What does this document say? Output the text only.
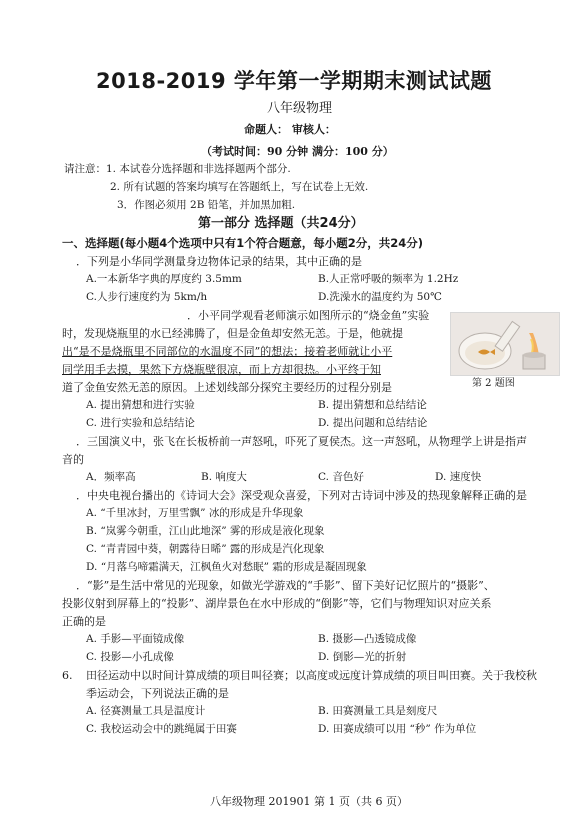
2018-2019 学年第一学期期末测试试题
八年级物理
命题人： 审核人：
（考试时间：90 分钟 满分：100 分）
请注意：1. 本试卷分选择题和非选择题两个部分.
2. 所有试题的答案均填写在答题纸上，写在试卷上无效.
3．作图必须用 2B 铅笔，并加黑加粗.
第一部分 选择题（共24分）
一、选择题(每小题4个选项中只有1个符合题意，每小题2分，共24分)
．下列是小华同学测量身边物体记录的结果，其中正确的是
A.一本新华字典的厚度约 3.5mm	B.人正常呼吸的频率为 1.2Hz
C.人步行速度约为 5km/h	D.洗澡水的温度约为 50℃
．小平同学观看老师演示如图所示的“烧金鱼”实验
时，发现烧瓶里的水已经沸腾了，但是金鱼却安然无恙。于是，他就提
出“是不是烧瓶里不同部位的水温度不同”的想法；接着老师就让小平
同学用手去摸，果然下方烧瓶壁很凉，而上方却很热。小平终于知
道了金鱼安然无恙的原因。上述划线部分探究主要经历的过程分别是
A. 提出猜想和进行实验	B. 提出猜想和总结结论
C. 进行实验和总结结论	D. 提出问题和总结结论
第 2 题图
．三国演义中，张飞在长板桥前一声怒吼，吓死了夏侯杰。这一声怒吼，从物理学上讲是指声
音的
A．频率高	B. 响度大	C. 音色好	D. 速度快
．中央电视台播出的《诗词大会》深受观众喜爱，下列对古诗词中涉及的热现象解释正确的是
A. “千里冰封，万里雪飘” 冰的形成是升华现象
B. “岚雾今朝重，江山此地深” 雾的形成是液化现象
C. “青青园中葵，朝露待日晞” 露的形成是汽化现象
D. “月落乌啼霜满天，江枫鱼火对愁眠” 霜的形成是凝固现象
．“影”是生活中常见的光现象，如做光学游戏的“手影”、留下美好记忆照片的“摄影”、
投影仪射到屏幕上的“投影”、湖岸景色在水中形成的“倒影”等，它们与物理知识对应关系
正确的是
A. 手影—平面镜成像	B. 摄影—凸透镜成像
C. 投影—小孔成像	D. 倒影—光的折射
6. 田径运动中以时间计算成绩的项目叫径赛；以高度或远度计算成绩的项目叫田赛。关于我校秋
季运动会，下列说法正确的是
A. 径赛测量工具是温度计	B. 田赛测量工具是刻度尺
C. 我校运动会中的跳绳属于田赛	D. 田赛成绩可以用 “秒” 作为单位
八年级物理 201901 第 1 页（共 6 页）
